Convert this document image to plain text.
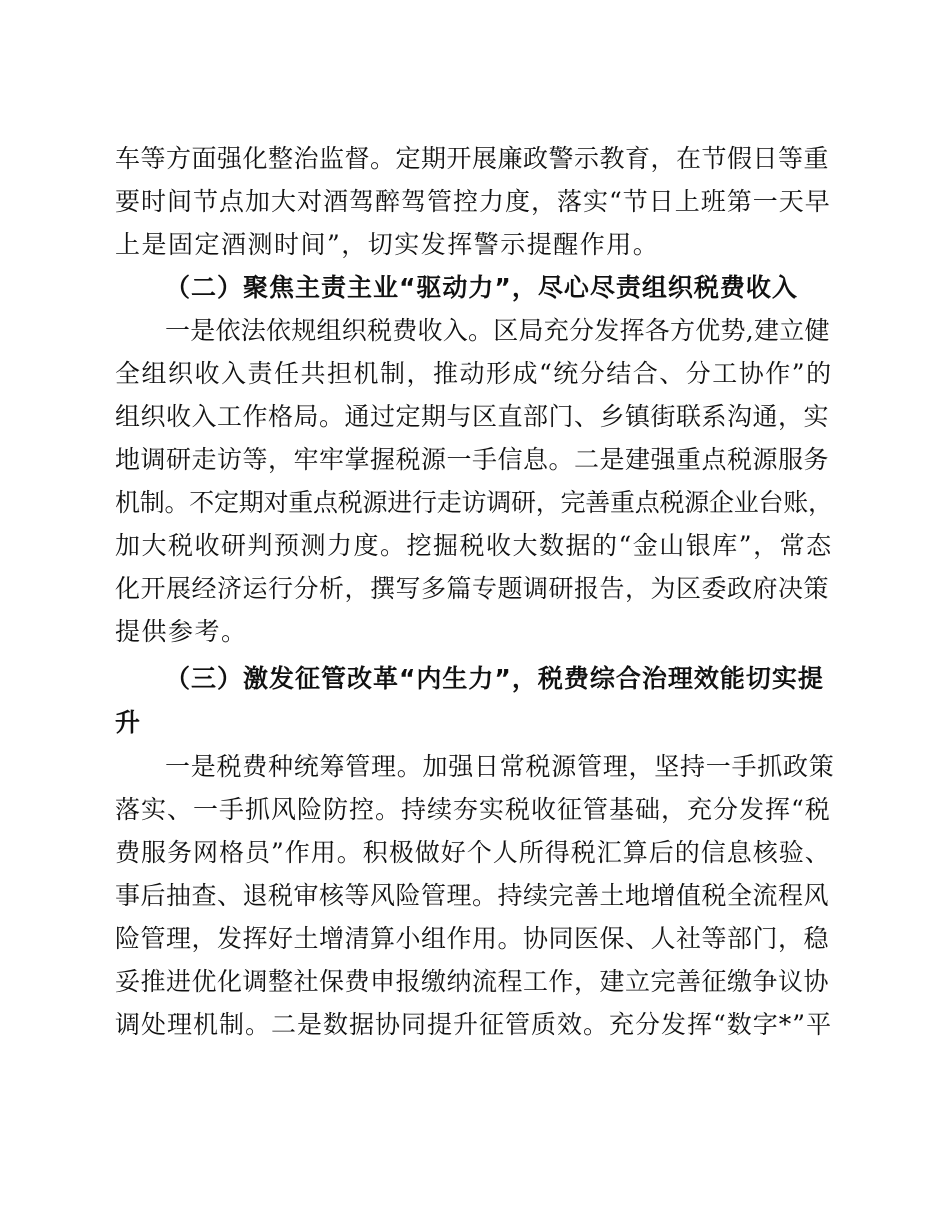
车等方面强化整治监督。定期开展廉政警示教育，在节假日等重
要时间节点加大对酒驾醉驾管控力度，落实“节日上班第一天早
上是固定酒测时间”，切实发挥警示提醒作用。
（二）聚焦主责主业“驱动力”，尽心尽责组织税费收入
一是依法依规组织税费收入。区局充分发挥各方优势,建立健
全组织收入责任共担机制，推动形成“统分结合、分工协作”的
组织收入工作格局。通过定期与区直部门、乡镇街联系沟通，实
地调研走访等，牢牢掌握税源一手信息。二是建强重点税源服务
机制。不定期对重点税源进行走访调研，完善重点税源企业台账，
加大税收研判预测力度。挖掘税收大数据的“金山银库”，常态
化开展经济运行分析，撰写多篇专题调研报告，为区委政府决策
提供参考。
（三）激发征管改革“内生力”，税费综合治理效能切实提
升
一是税费种统筹管理。加强日常税源管理，坚持一手抓政策
落实、一手抓风险防控。持续夯实税收征管基础，充分发挥“税
费服务网格员”作用。积极做好个人所得税汇算后的信息核验、
事后抽查、退税审核等风险管理。持续完善土地增值税全流程风
险管理，发挥好土增清算小组作用。协同医保、人社等部门，稳
妥推进优化调整社保费申报缴纳流程工作，建立完善征缴争议协
调处理机制。二是数据协同提升征管质效。充分发挥“数字*”平
